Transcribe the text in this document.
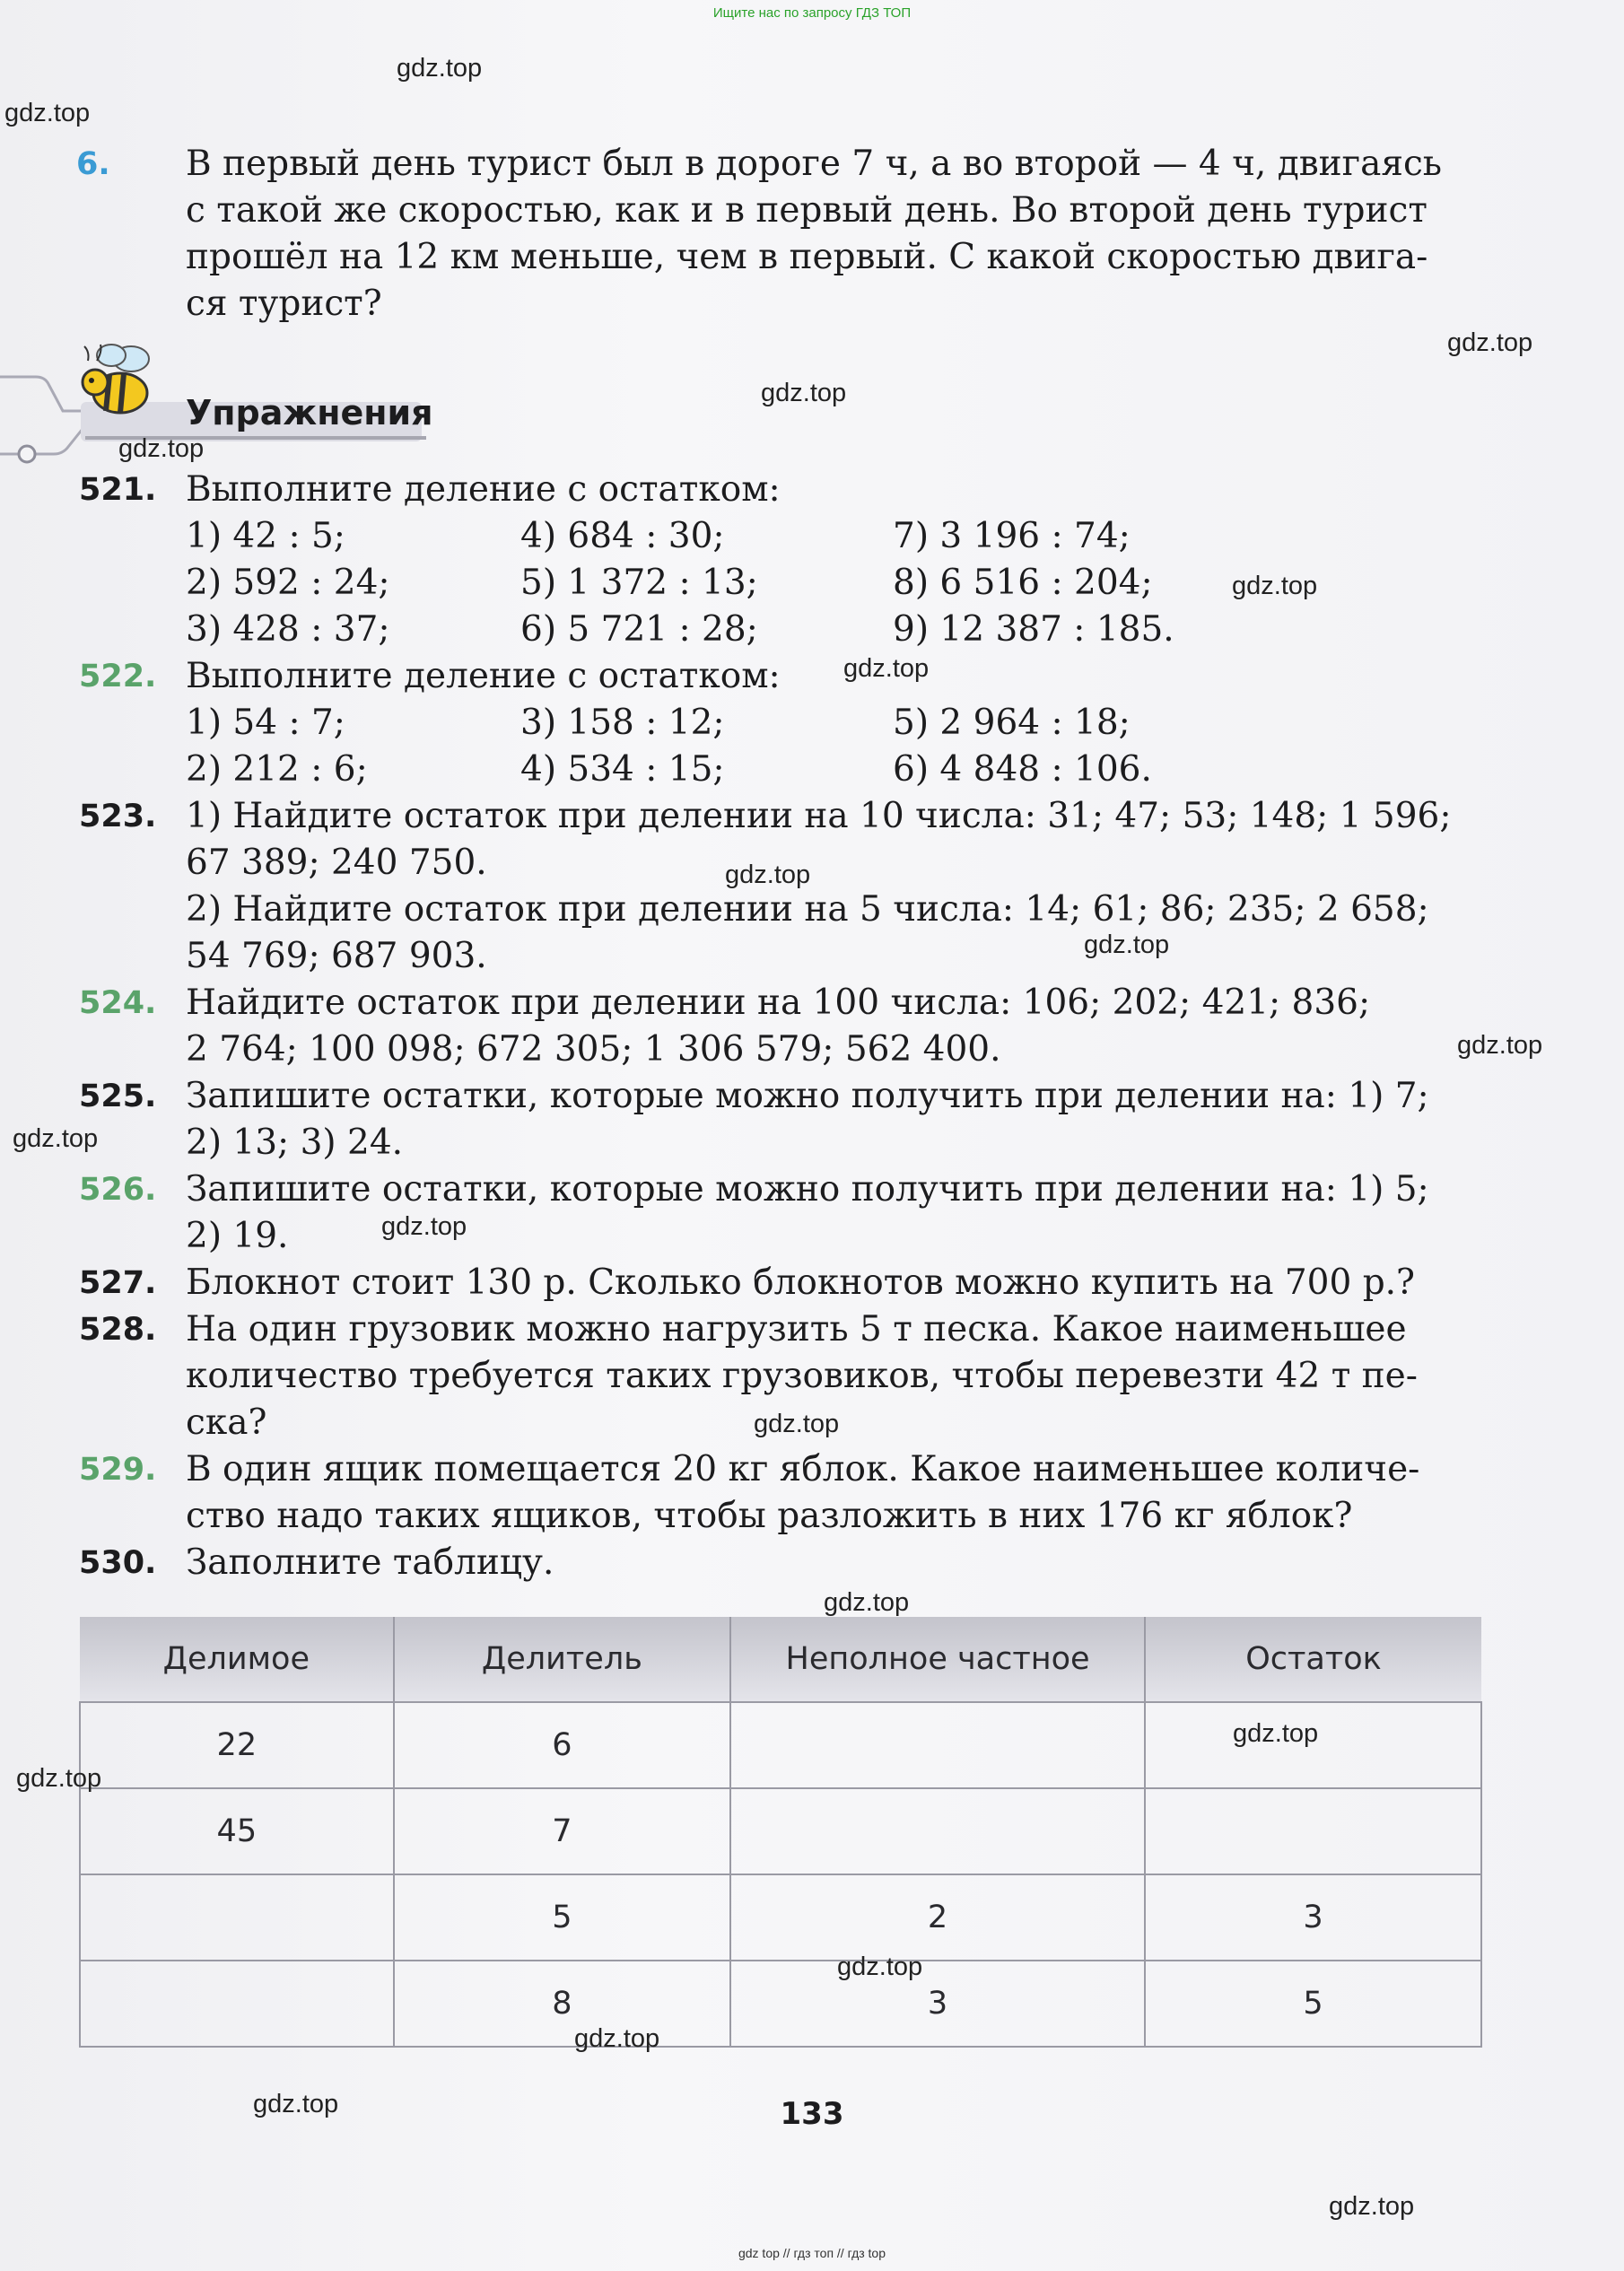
Ищите нас по запросу ГДЗ ТОП
6. В первый день турист был в дороге 7 ч, а во второй — 4 ч, двигаясь
с такой же скоростью, как и в первый день. Во второй день турист
прошёл на 12 км меньше, чем в первый. С какой скоростью двига-
ся турист?
Упражнения
521. Выполните деление с остатком:
1) 42 : 5;	4) 684 : 30;	7) 3 196 : 74;
2) 592 : 24;	5) 1 372 : 13;	8) 6 516 : 204;
3) 428 : 37;	6) 5 721 : 28;	9) 12 387 : 185.
522. Выполните деление с остатком:
1) 54 : 7;	3) 158 : 12;	5) 2 964 : 18;
2) 212 : 6;	4) 534 : 15;	6) 4 848 : 106.
523. 1) Найдите остаток при делении на 10 числа: 31; 47; 53; 148; 1 596;
67 389; 240 750.
2) Найдите остаток при делении на 5 числа: 14; 61; 86; 235; 2 658;
54 769; 687 903.
524. Найдите остаток при делении на 100 числа: 106; 202; 421; 836;
2 764; 100 098; 672 305; 1 306 579; 562 400.
525. Запишите остатки, которые можно получить при делении на: 1) 7;
2) 13; 3) 24.
526. Запишите остатки, которые можно получить при делении на: 1) 5;
2) 19.
527. Блокнот стоит 130 р. Сколько блокнотов можно купить на 700 р.?
528. На один грузовик можно нагрузить 5 т песка. Какое наименьшее
количество требуется таких грузовиков, чтобы перевезти 42 т пе-
ска?
529. В один ящик помещается 20 кг яблок. Какое наименьшее количе-
ство надо таких ящиков, чтобы разложить в них 176 кг яблок?
530. Заполните таблицу.
Делимое	Делитель	Неполное частное	Остаток
22	6		
45	7		
	5	2	3
	8	3	5
133
gdz.top
gdz.top
gdz.top
gdz.top
gdz.top
gdz.top
gdz.top
gdz.top
gdz.top
gdz.top
gdz.top
gdz.top
gdz.top
gdz.top
gdz.top
gdz.top
gdz.top
gdz.top
gdz.top
gdz.top
gdz top // гдз топ // гдз top
